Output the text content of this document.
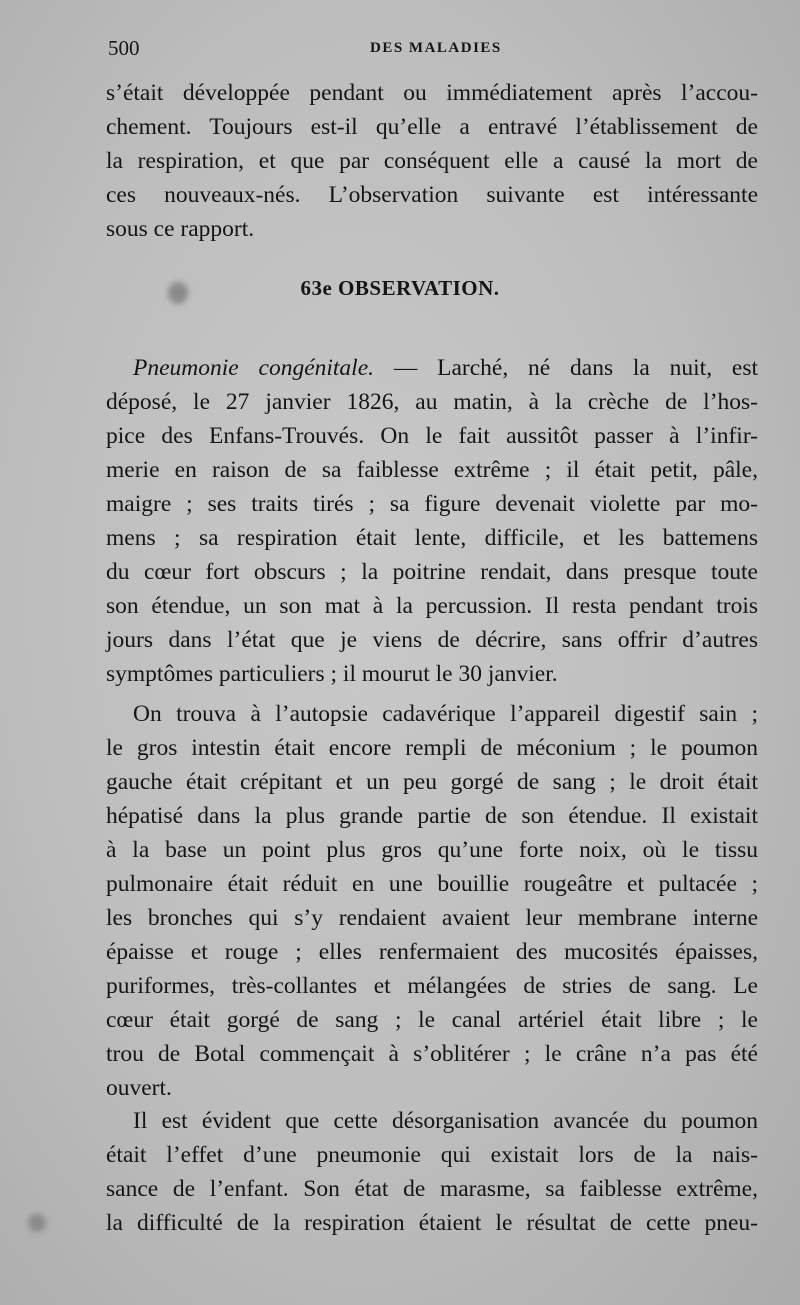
500	DES MALADIES
s’était développée pendant ou immédiatement après l’accou-
chement. Toujours est-il qu’elle a entravé l’établissement de
la respiration, et que par conséquent elle a causé la mort de
ces nouveaux-nés. L’observation suivante est intéressante
sous ce rapport.
63e OBSERVATION.
Pneumonie congénitale. — Larché, né dans la nuit, est
déposé, le 27 janvier 1826, au matin, à la crèche de l’hos-
pice des Enfans-Trouvés. On le fait aussitôt passer à l’infir-
merie en raison de sa faiblesse extrême ; il était petit, pâle,
maigre ; ses traits tirés ; sa figure devenait violette par mo-
mens ; sa respiration était lente, difficile, et les battemens
du cœur fort obscurs ; la poitrine rendait, dans presque toute
son étendue, un son mat à la percussion. Il resta pendant trois
jours dans l’état que je viens de décrire, sans offrir d’autres
symptômes particuliers ; il mourut le 30 janvier.
On trouva à l’autopsie cadavérique l’appareil digestif sain ;
le gros intestin était encore rempli de méconium ; le poumon
gauche était crépitant et un peu gorgé de sang ; le droit était
hépatisé dans la plus grande partie de son étendue. Il existait
à la base un point plus gros qu’une forte noix, où le tissu
pulmonaire était réduit en une bouillie rougeâtre et pultacée ;
les bronches qui s’y rendaient avaient leur membrane interne
épaisse et rouge ; elles renfermaient des mucosités épaisses,
puriformes, très-collantes et mélangées de stries de sang. Le
cœur était gorgé de sang ; le canal artériel était libre ; le
trou de Botal commençait à s’oblitérer ; le crâne n’a pas été
ouvert.
Il est évident que cette désorganisation avancée du poumon
était l’effet d’une pneumonie qui existait lors de la nais-
sance de l’enfant. Son état de marasme, sa faiblesse extrême,
la difficulté de la respiration étaient le résultat de cette pneu-
